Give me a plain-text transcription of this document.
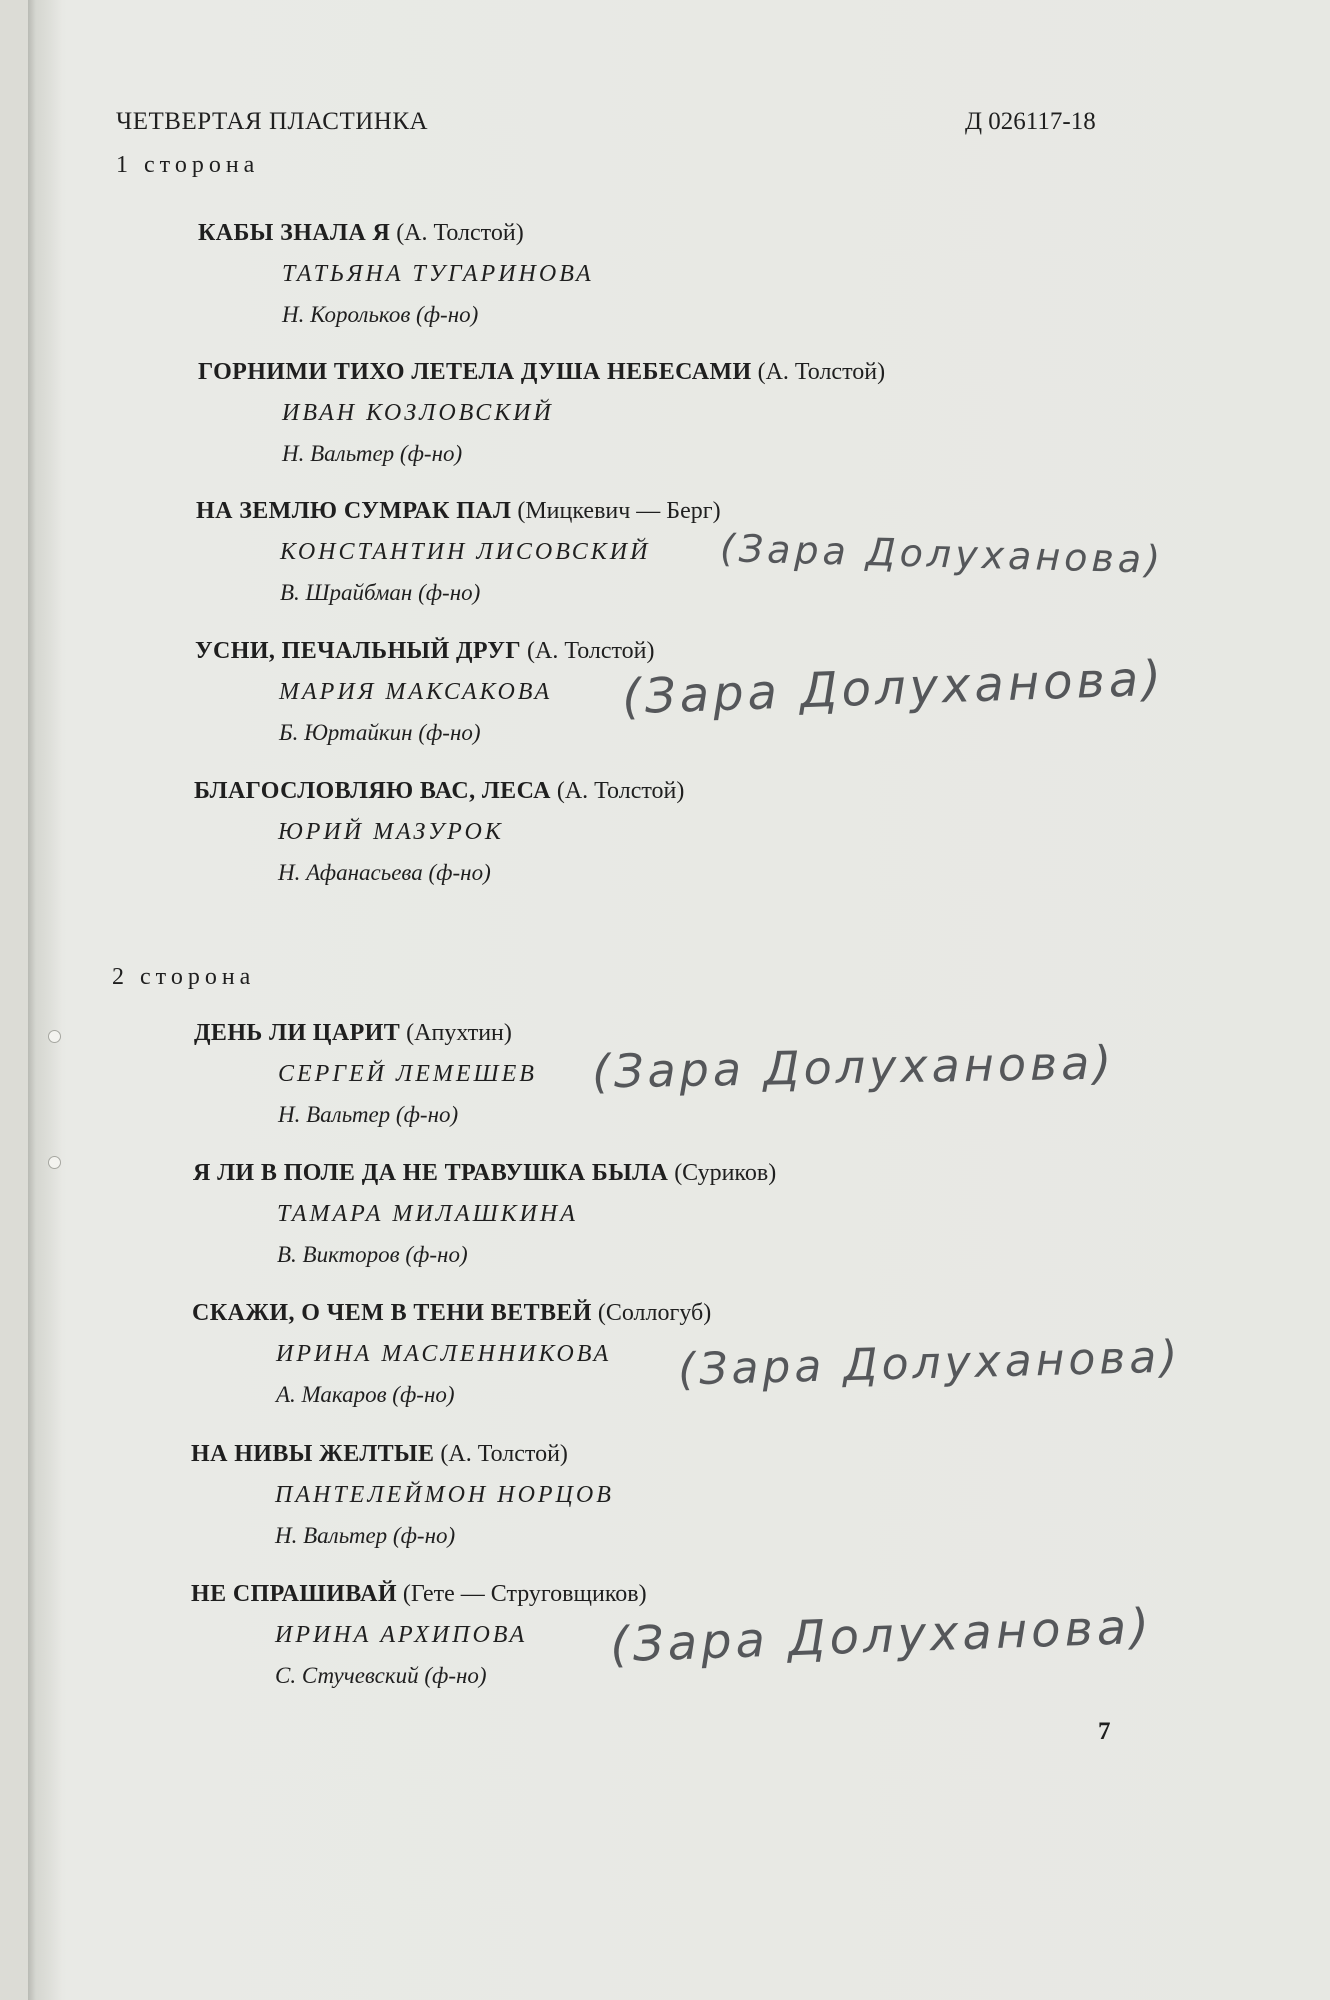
ЧЕТВЕРТАЯ ПЛАСТИНКА	Д 026117-18
1 сторона
КАБЫ ЗНАЛА Я (А. Толстой)
ТАТЬЯНА ТУГАРИНОВА
Н. Корольков (ф-но)
ГОРНИМИ ТИХО ЛЕТЕЛА ДУША НЕБЕСАМИ (А. Толстой)
ИВАН КОЗЛОВСКИЙ
Н. Вальтер (ф-но)
НА ЗЕМЛЮ СУМРАК ПАЛ (Мицкевич — Берг)
КОНСТАНТИН ЛИСОВСКИЙ
В. Шрайбман (ф-но)
УСНИ, ПЕЧАЛЬНЫЙ ДРУГ (А. Толстой)
МАРИЯ МАКСАКОВА
Б. Юртайкин (ф-но)
БЛАГОСЛОВЛЯЮ ВАС, ЛЕСА (А. Толстой)
ЮРИЙ МАЗУРОК
Н. Афанасьева (ф-но)
2 сторона
ДЕНЬ ЛИ ЦАРИТ (Апухтин)
СЕРГЕЙ ЛЕМЕШЕВ
Н. Вальтер (ф-но)
Я ЛИ В ПОЛЕ ДА НЕ ТРАВУШКА БЫЛА (Суриков)
ТАМАРА МИЛАШКИНА
В. Викторов (ф-но)
СКАЖИ, О ЧЕМ В ТЕНИ ВЕТВЕЙ (Соллогуб)
ИРИНА МАСЛЕННИКОВА
А. Макаров (ф-но)
НА НИВЫ ЖЕЛТЫЕ (А. Толстой)
ПАНТЕЛЕЙМОН НОРЦОВ
Н. Вальтер (ф-но)
НЕ СПРАШИВАЙ (Гете — Струговщиков)
ИРИНА АРХИПОВА
С. Стучевский (ф-но)
(Зара Долуханова)
(Зара Долуханова)
(Зара Долуханова)
(Зара Долуханова)
(Зара Долуханова)
7
